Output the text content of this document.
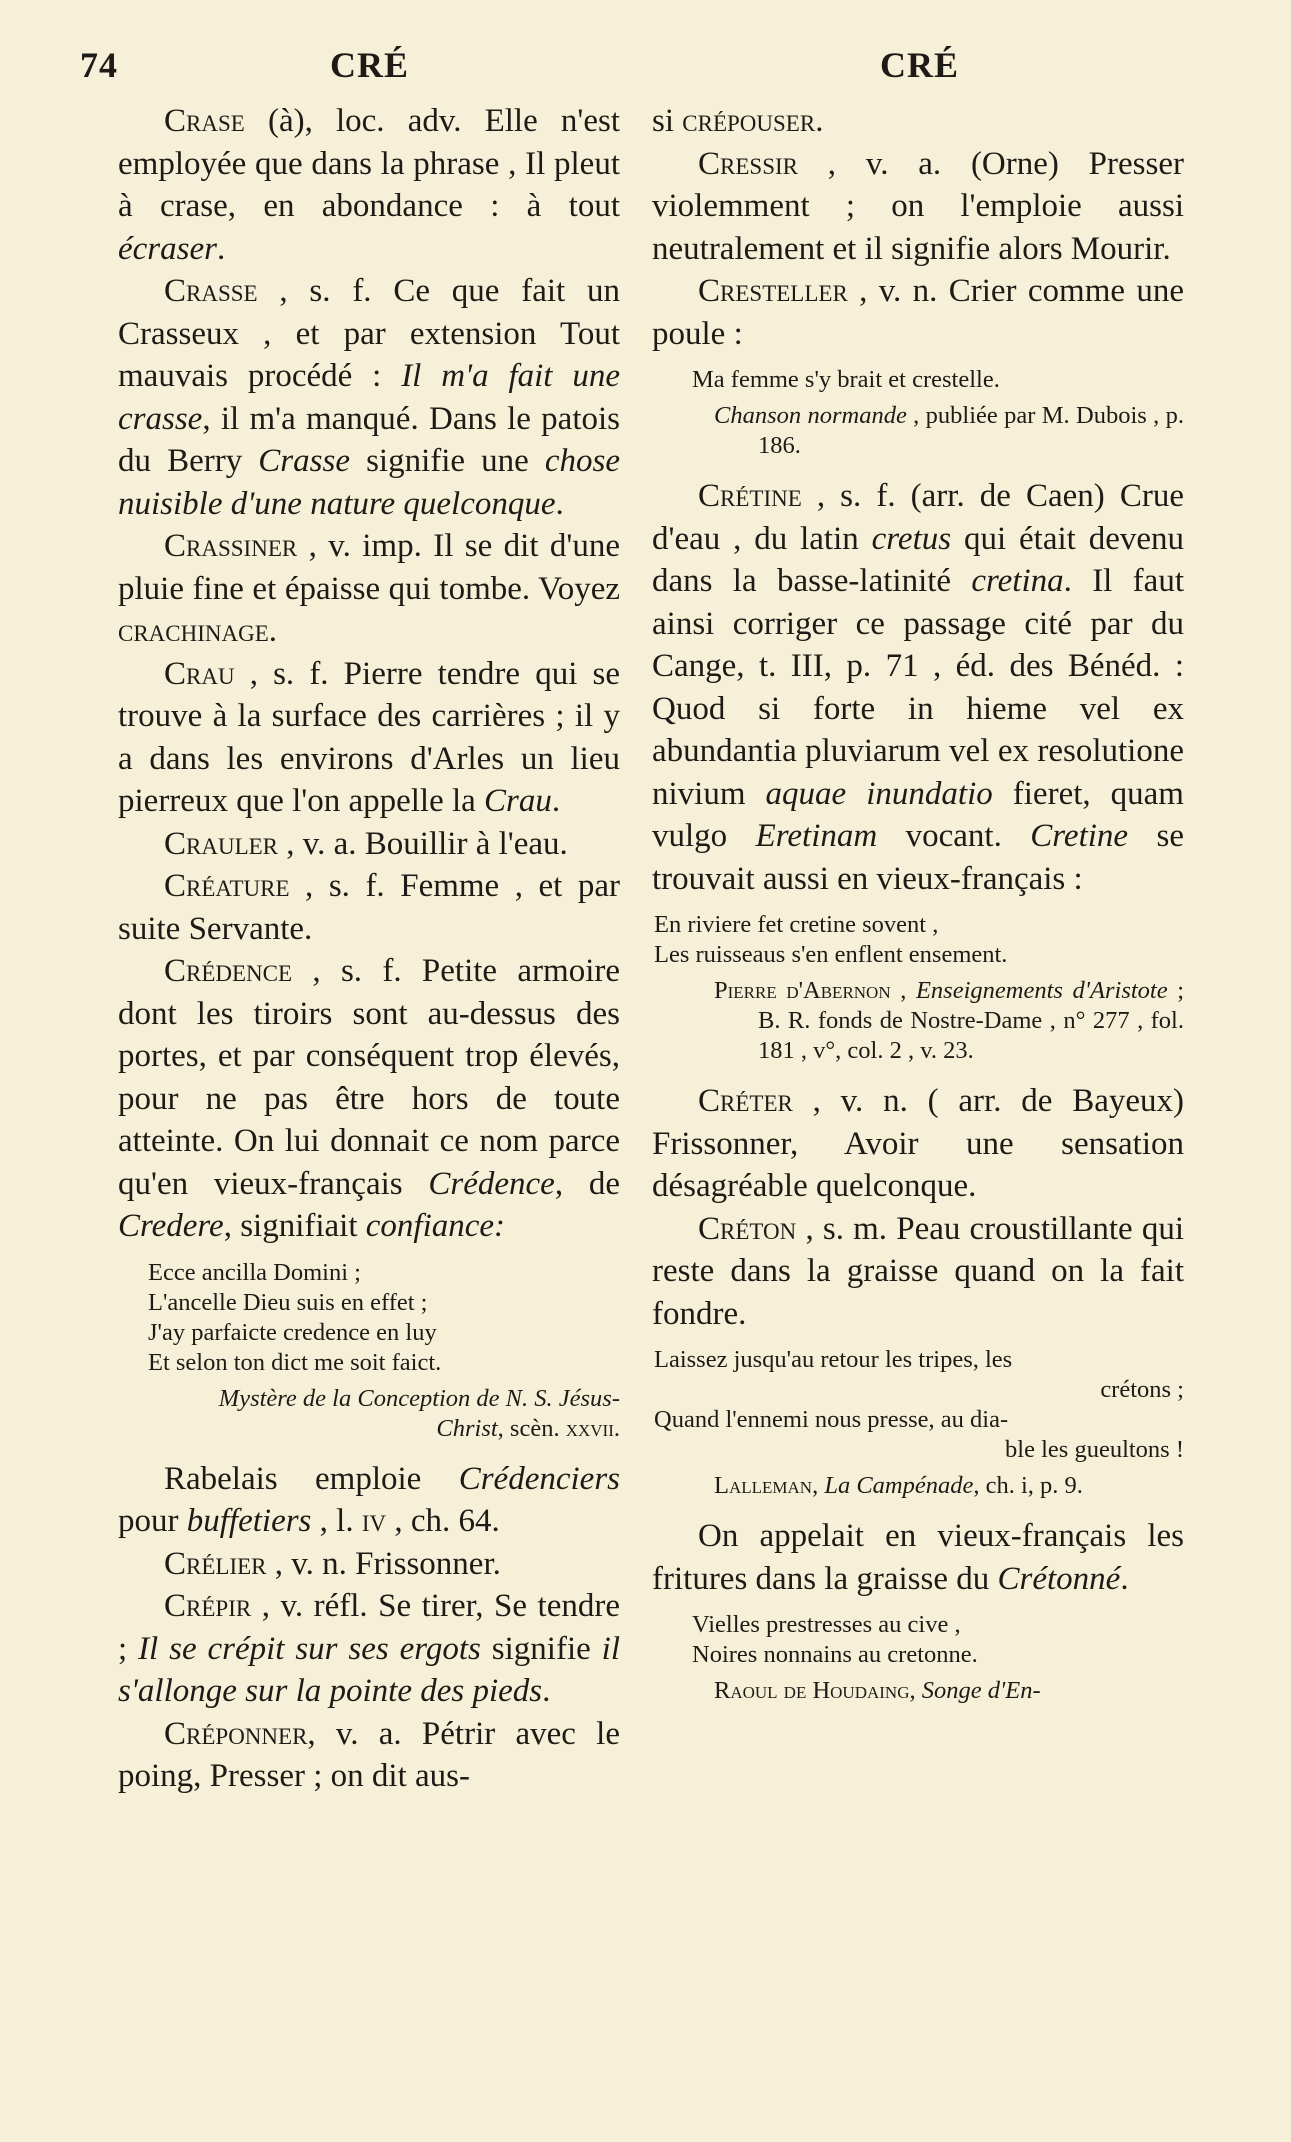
74	CRÉ	CRÉ

Crase (à), loc. adv. Elle n'est employée que dans la phrase , Il pleut à crase, en abondance : à tout écraser.

Crasse , s. f. Ce que fait un Crasseux , et par extension Tout mauvais procédé : Il m'a fait une crasse, il m'a manqué. Dans le patois du Berry Crasse signifie une chose nuisible d'une nature quelconque.

Crassiner , v. imp. Il se dit d'une pluie fine et épaisse qui tombe. Voyez crachinage.

Crau , s. f. Pierre tendre qui se trouve à la surface des carrières ; il y a dans les environs d'Arles un lieu pierreux que l'on appelle la Crau.

Crauler , v. a. Bouillir à l'eau.

Créature , s. f. Femme , et par suite Servante.

Crédence , s. f. Petite armoire dont les tiroirs sont au-dessus des portes, et par conséquent trop élevés, pour ne pas être hors de toute atteinte. On lui donnait ce nom parce qu'en vieux-français Crédence, de Credere, signifiait confiance:

Ecce ancilla Domini ;
L'ancelle Dieu suis en effet ;
J'ay parfaicte credence en luy
Et selon ton dict me soit faict.

Mystère de la Conception de N. S. Jésus-Christ, scèn. xxvii.

Rabelais emploie Crédenciers pour buffetiers , l. iv , ch. 64.

Crélier , v. n. Frissonner.

Crépir , v. réfl. Se tirer, Se tendre ; Il se crépit sur ses ergots signifie il s'allonge sur la pointe des pieds.

Créponner, v. a. Pétrir avec le poing, Presser ; on dit aus-

si crépouser.

Cressir , v. a. (Orne) Presser violemment ; on l'emploie aussi neutralement et il signifie alors Mourir.

Cresteller , v. n. Crier comme une poule :

Ma femme s'y brait et crestelle.

Chanson normande , publiée par M. Dubois , p. 186.

Crétine , s. f. (arr. de Caen) Crue d'eau , du latin cretus qui était devenu dans la basse-latinité cretina. Il faut ainsi corriger ce passage cité par du Cange, t. III, p. 71 , éd. des Bénéd. : Quod si forte in hieme vel ex abundantia pluviarum vel ex resolutione nivium aquae inundatio fieret, quam vulgo Eretinam vocant. Cretine se trouvait aussi en vieux-français :

En riviere fet cretine sovent ,
Les ruisseaus s'en enflent ensement.

Pierre d'Abernon , Enseignements d'Aristote ; B. R. fonds de Nostre-Dame , n° 277 , fol. 181 , v°, col. 2 , v. 23.

Créter , v. n. ( arr. de Bayeux) Frissonner, Avoir une sensation désagréable quelconque.

Créton , s. m. Peau croustillante qui reste dans la graisse quand on la fait fondre.

Laissez jusqu'au retour les tripes, les
crétons ;
Quand l'ennemi nous presse, au dia-
ble les gueultons !

Lalleman, La Campénade, ch. i, p. 9.

On appelait en vieux-français les fritures dans la graisse du Crétonné.

Vielles prestresses au cive ,
Noires nonnains au cretonne.

Raoul de Houdaing, Songe d'En-
